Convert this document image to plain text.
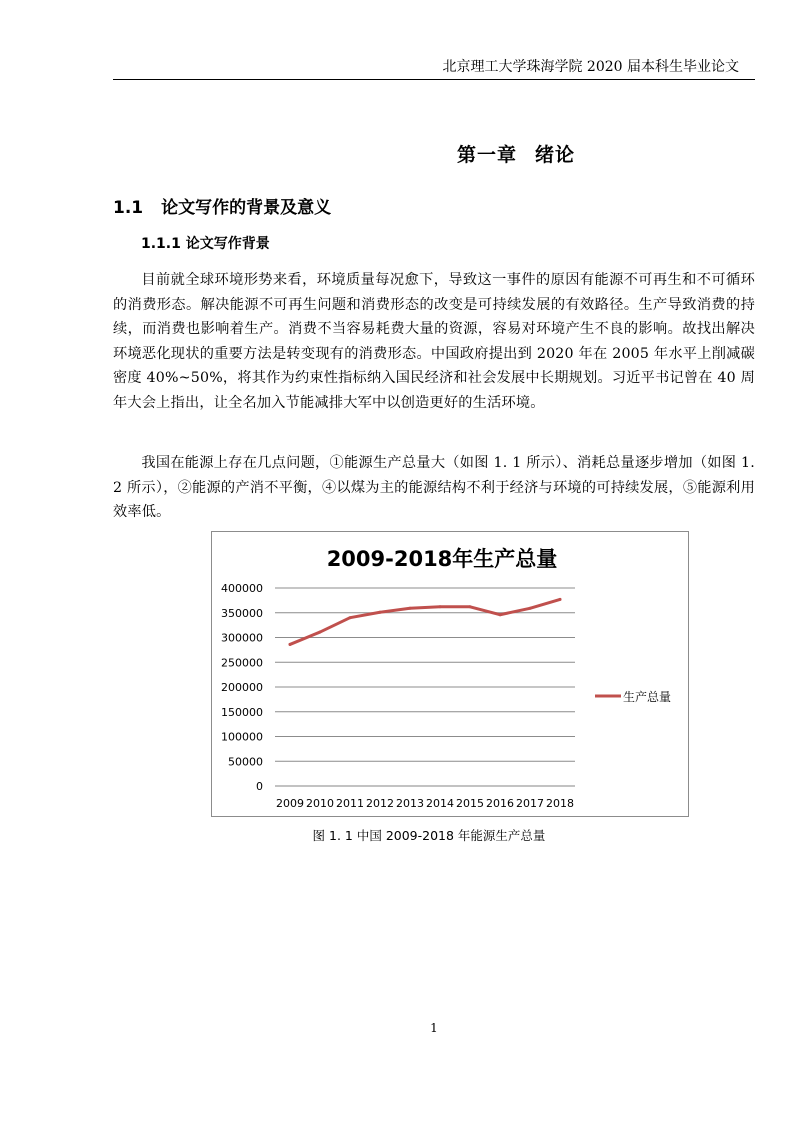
北京理工大学珠海学院 2020 届本科生毕业论文
第一章 绪论
1.1 论文写作的背景及意义
1.1.1 论文写作背景
目前就全球环境形势来看，环境质量每况愈下，导致这一事件的原因有能源不可再生和不可循环的消费形态。解决能源不可再生问题和消费形态的改变是可持续发展的有效路径。生产导致消费的持续，而消费也影响着生产。消费不当容易耗费大量的资源，容易对环境产生不良的影响。故找出解决环境恶化现状的重要方法是转变现有的消费形态。中国政府提出到 2020 年在 2005 年水平上削减碳密度 40%~50%，将其作为约束性指标纳入国民经济和社会发展中长期规划。习近平书记曾在 40 周年大会上指出，让全名加入节能减排大军中以创造更好的生活环境。
我国在能源上存在几点问题，①能源生产总量大（如图 1. 1 所示）、消耗总量逐步增加（如图 1. 2 所示），②能源的产消不平衡，④以煤为主的能源结构不利于经济与环境的可持续发展，⑤能源利用效率低。
2009-2018年生产总量
0
50000
100000
150000
200000
250000
300000
350000
400000
2009 2010 2011 2012 2013 2014 2015 2016 2017 2018
生产总量
图 1. 1 中国 2009-2018 年能源生产总量
1
